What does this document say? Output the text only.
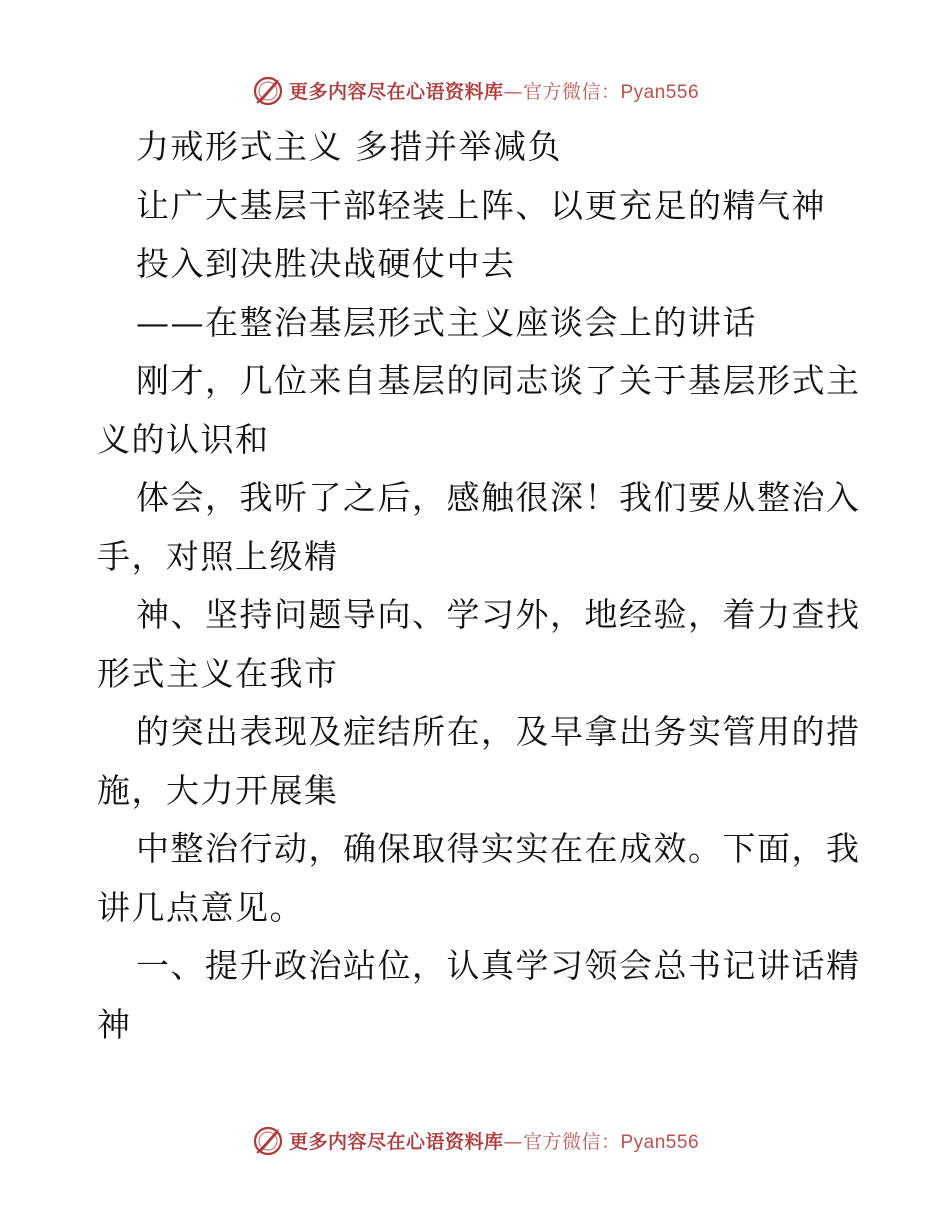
更多内容尽在心语资料库—官方微信：Pyan556
力戒形式主义 多措并举减负
让广大基层干部轻装上阵、以更充足的精气神
投入到决胜决战硬仗中去
——在整治基层形式主义座谈会上的讲话
刚才，几位来自基层的同志谈了关于基层形式主
义的认识和
体会，我听了之后，感触很深！我们要从整治入
手，对照上级精
神、坚持问题导向、学习外，地经验，着力查找
形式主义在我市
的突出表现及症结所在，及早拿出务实管用的措
施，大力开展集
中整治行动，确保取得实实在在成效。下面，我
讲几点意见。
一、提升政治站位，认真学习领会总书记讲话精
神
更多内容尽在心语资料库—官方微信：Pyan556
